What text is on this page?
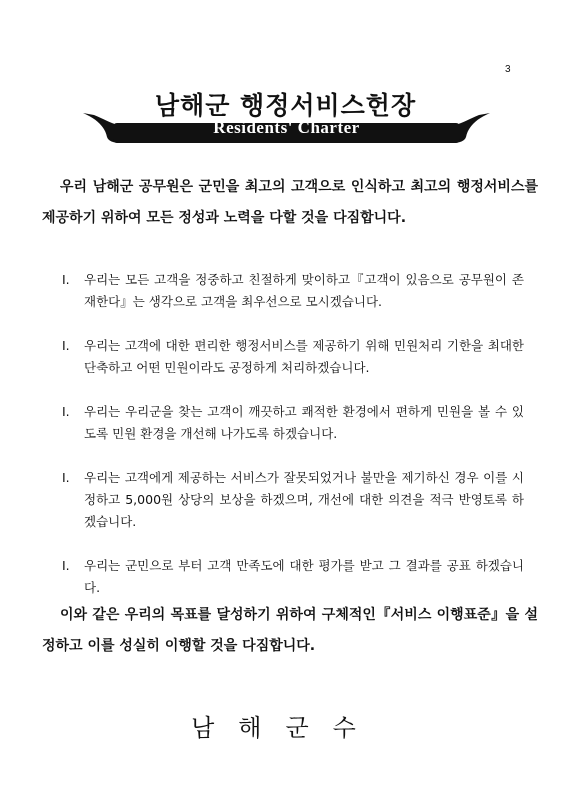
3
남해군 행정서비스헌장
Residents' Charter
우리 남해군 공무원은 군민을 최고의 고객으로 인식하고 최고의 행정서비스를 제공하기 위하여 모든 정성과 노력을 다할 것을 다짐합니다.
Ⅰ. 우리는 모든 고객을 정중하고 친절하게 맞이하고『고객이 있음으로 공무원이 존재한다』는 생각으로 고객을 최우선으로 모시겠습니다.
Ⅰ. 우리는 고객에 대한 편리한 행정서비스를 제공하기 위해 민원처리 기한을 최대한 단축하고 어떤 민원이라도 공정하게 처리하겠습니다.
Ⅰ. 우리는 우리군을 찾는 고객이 깨끗하고 쾌적한 환경에서 편하게 민원을 볼 수 있도록 민원 환경을 개선해 나가도록 하겠습니다.
Ⅰ. 우리는 고객에게 제공하는 서비스가 잘못되었거나 불만을 제기하신 경우 이를 시정하고 5,000원 상당의 보상을 하겠으며, 개선에 대한 의견을 적극 반영토록 하겠습니다.
Ⅰ. 우리는 군민으로 부터 고객 만족도에 대한 평가를 받고 그 결과를 공표 하겠습니다.
이와 같은 우리의 목표를 달성하기 위하여 구체적인『서비스 이행표준』을 설정하고 이를 성실히 이행할 것을 다짐합니다.
남해군수
